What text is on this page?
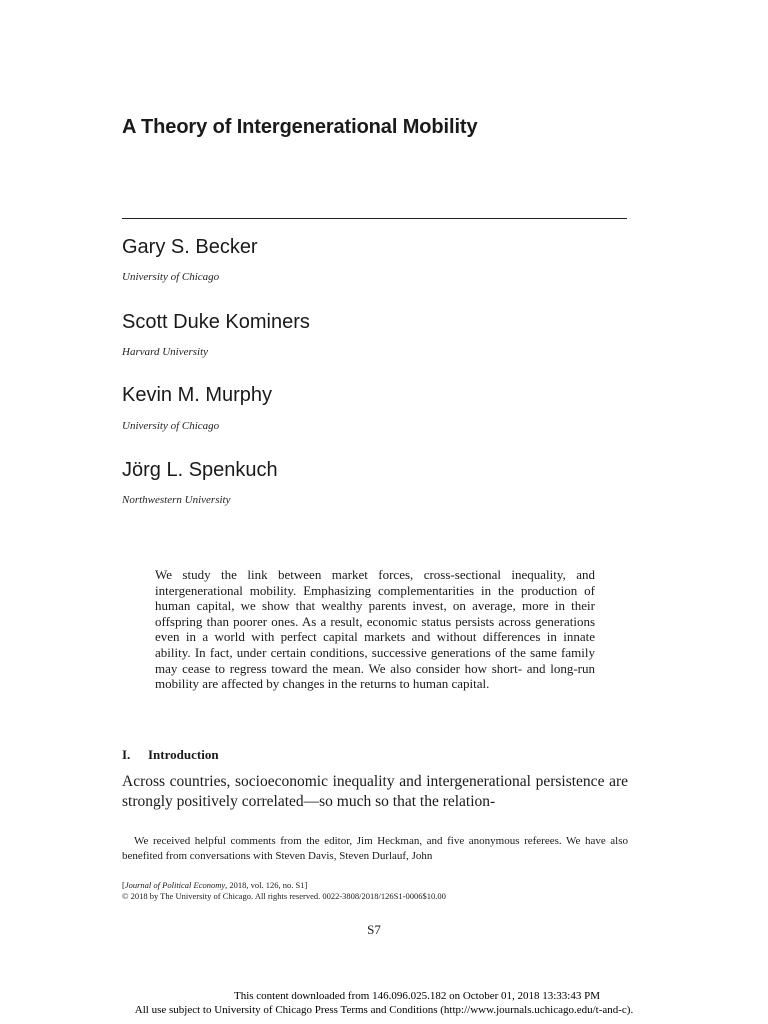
A Theory of Intergenerational Mobility
Gary S. Becker
University of Chicago
Scott Duke Kominers
Harvard University
Kevin M. Murphy
University of Chicago
Jörg L. Spenkuch
Northwestern University
We study the link between market forces, cross-sectional inequality, and intergenerational mobility. Emphasizing complementarities in the production of human capital, we show that wealthy parents invest, on average, more in their offspring than poorer ones. As a result, economic status persists across generations even in a world with perfect capital markets and without differences in innate ability. In fact, under certain conditions, successive generations of the same family may cease to regress toward the mean. We also consider how short- and long-run mobility are affected by changes in the returns to human capital.
I. Introduction
Across countries, socioeconomic inequality and intergenerational persistence are strongly positively correlated—so much so that the relation-
We received helpful comments from the editor, Jim Heckman, and five anonymous referees. We have also benefited from conversations with Steven Davis, Steven Durlauf, John
[Journal of Political Economy, 2018, vol. 126, no. S1]
© 2018 by The University of Chicago. All rights reserved. 0022-3808/2018/126S1-0006$10.00
S7
This content downloaded from 146.096.025.182 on October 01, 2018 13:33:43 PM
All use subject to University of Chicago Press Terms and Conditions (http://www.journals.uchicago.edu/t-and-c).
